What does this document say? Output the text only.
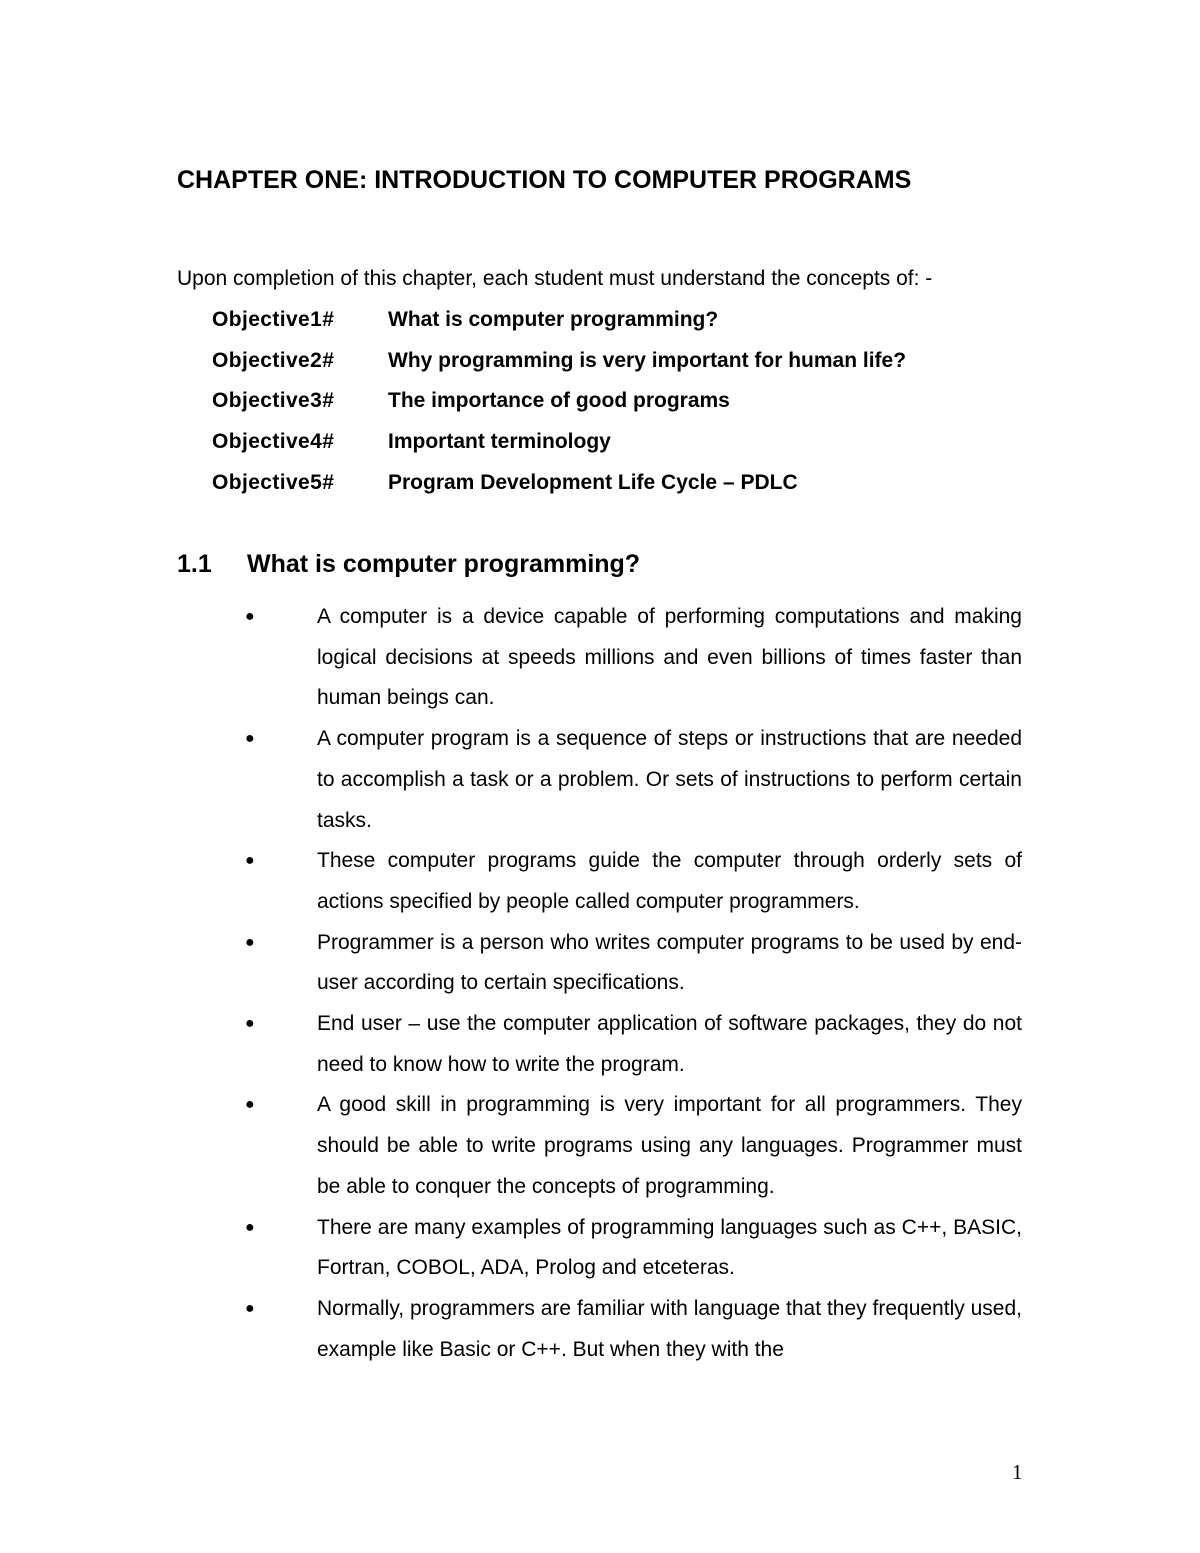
CHAPTER ONE: INTRODUCTION TO COMPUTER PROGRAMS
Upon completion of this chapter, each student must understand the concepts of: -
Objective1#	What is computer programming?
Objective2#	Why programming is very important for human life?
Objective3#	The importance of good programs
Objective4#	Important terminology
Objective5#	Program Development Life Cycle – PDLC
1.1 What is computer programming?
●	A computer is a device capable of performing computations and making logical decisions at speeds millions and even billions of times faster than human beings can.
●	A computer program is a sequence of steps or instructions that are needed to accomplish a task or a problem. Or sets of instructions to perform certain tasks.
●	These computer programs guide the computer through orderly sets of actions specified by people called computer programmers.
●	Programmer is a person who writes computer programs to be used by end-user according to certain specifications.
●	End user – use the computer application of software packages, they do not need to know how to write the program.
●	A good skill in programming is very important for all programmers. They should be able to write programs using any languages. Programmer must be able to conquer the concepts of programming.
●	There are many examples of programming languages such as C++, BASIC, Fortran, COBOL, ADA, Prolog and etceteras.
●	Normally, programmers are familiar with language that they frequently used, example like Basic or C++. But when they with the
1
